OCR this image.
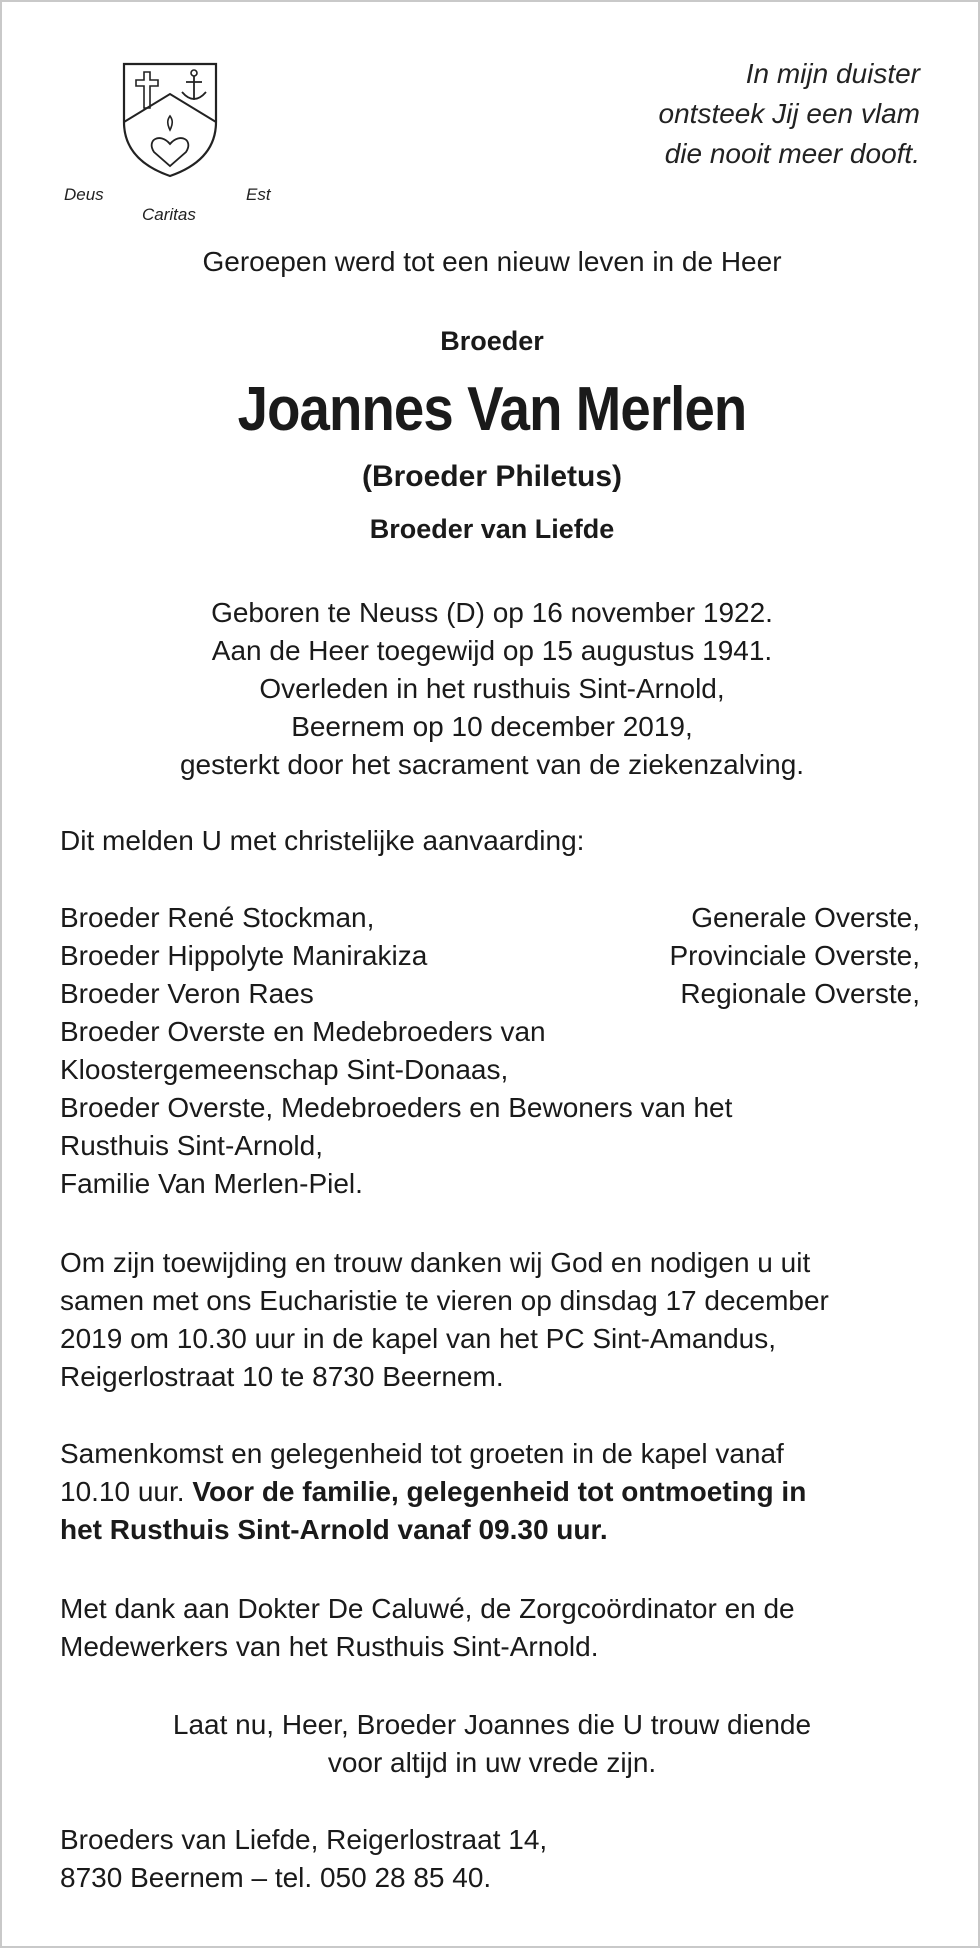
Deus
Caritas
Est
In mijn duister
ontsteek Jij een vlam
die nooit meer dooft.
Geroepen werd tot een nieuw leven in de Heer
Broeder
Joannes Van Merlen
(Broeder Philetus)
Broeder van Liefde
Geboren te Neuss (D) op 16 november 1922.
Aan de Heer toegewijd op 15 augustus 1941.
Overleden in het rusthuis Sint-Arnold,
Beernem op 10 december 2019,
gesterkt door het sacrament van de ziekenzalving.
Dit melden U met christelijke aanvaarding:
Broeder René Stockman,	Generale Overste,
Broeder Hippolyte Manirakiza	Provinciale Overste,
Broeder Veron Raes	Regionale Overste,
Broeder Overste en Medebroeders van
Kloostergemeenschap Sint-Donaas,
Broeder Overste, Medebroeders en Bewoners van het
Rusthuis Sint-Arnold,
Familie Van Merlen-Piel.
Om zijn toewijding en trouw danken wij God en nodigen u uit
samen met ons Eucharistie te vieren op dinsdag 17 december
2019 om 10.30 uur in de kapel van het PC Sint-Amandus,
Reigerlostraat 10 te 8730 Beernem.
Samenkomst en gelegenheid tot groeten in de kapel vanaf
10.10 uur. Voor de familie, gelegenheid tot ontmoeting in
het Rusthuis Sint-Arnold vanaf 09.30 uur.
Met dank aan Dokter De Caluwé, de Zorgcoördinator en de
Medewerkers van het Rusthuis Sint-Arnold.
Laat nu, Heer, Broeder Joannes die U trouw diende
voor altijd in uw vrede zijn.
Broeders van Liefde, Reigerlostraat 14,
8730 Beernem – tel. 050 28 85 40.
